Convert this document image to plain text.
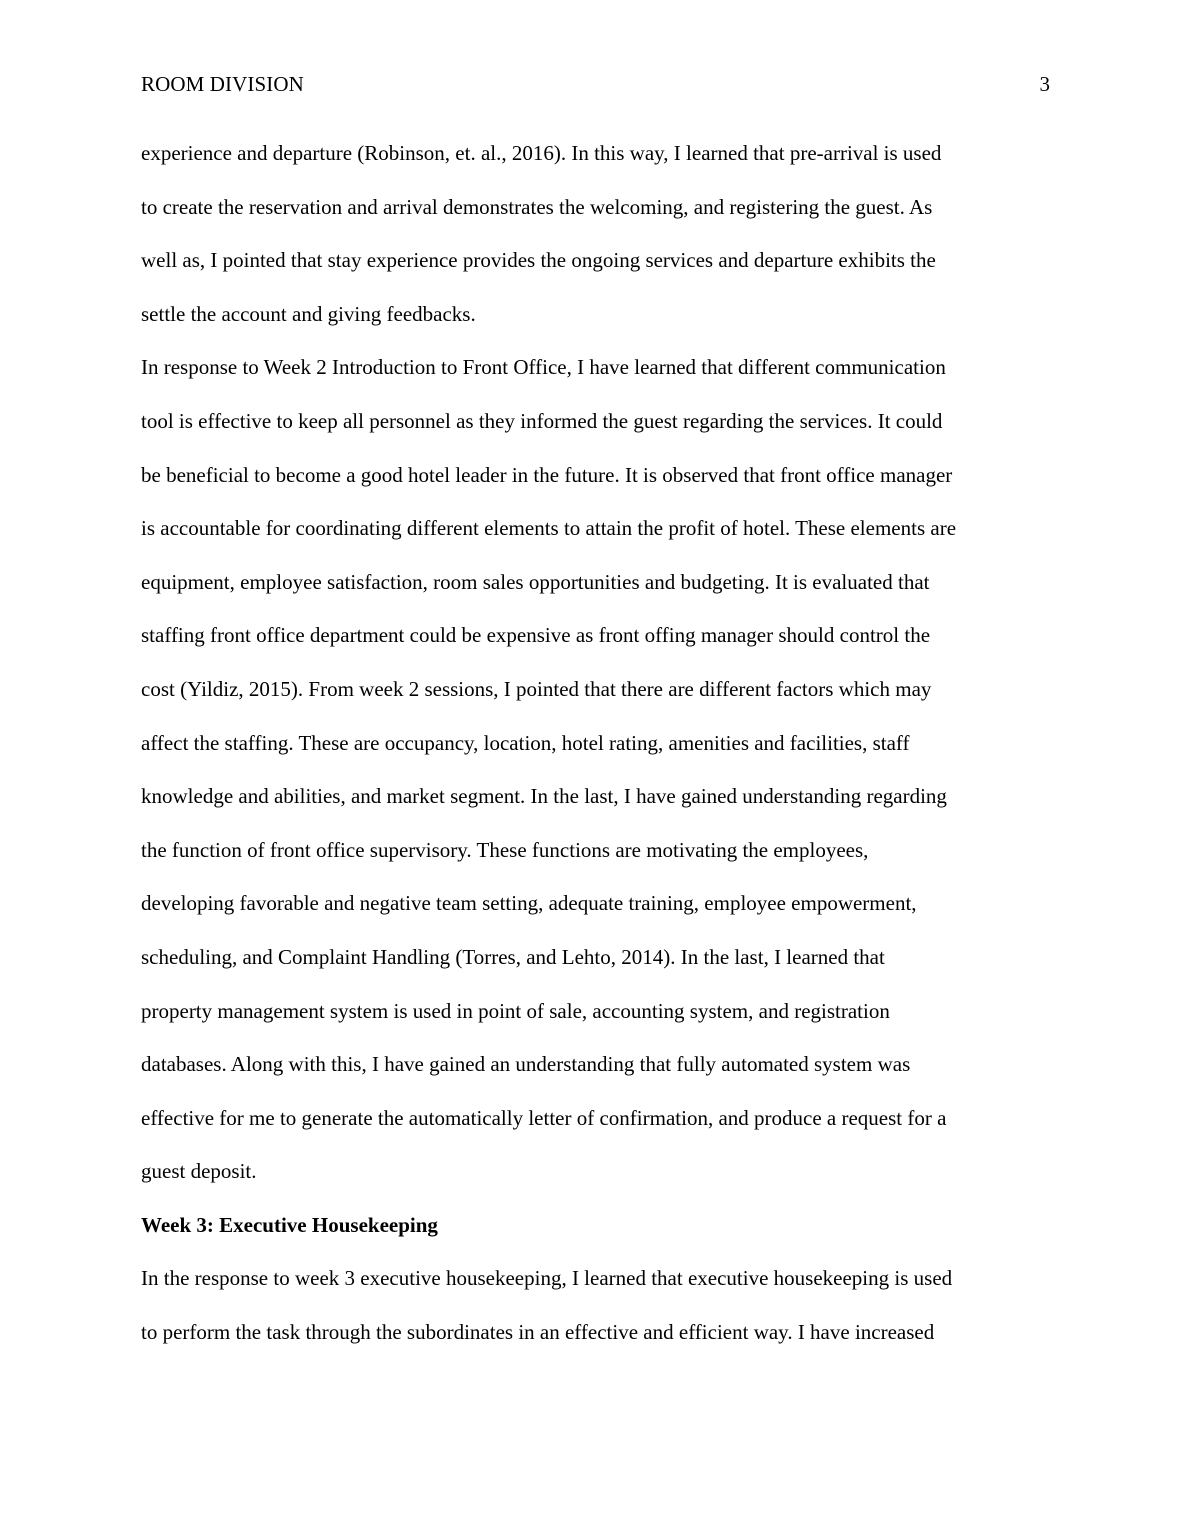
ROOM DIVISION	3
experience and departure (Robinson, et. al., 2016). In this way, I learned that pre-arrival is used
to create the reservation and arrival demonstrates the welcoming, and registering the guest. As
well as, I pointed that stay experience provides the ongoing services and departure exhibits the
settle the account and giving feedbacks.
In response to Week 2 Introduction to Front Office, I have learned that different communication
tool is effective to keep all personnel as they informed the guest regarding the services. It could
be beneficial to become a good hotel leader in the future. It is observed that front office manager
is accountable for coordinating different elements to attain the profit of hotel. These elements are
equipment, employee satisfaction, room sales opportunities and budgeting. It is evaluated that
staffing front office department could be expensive as front offing manager should control the
cost (Yildiz, 2015). From week 2 sessions, I pointed that there are different factors which may
affect the staffing. These are occupancy, location, hotel rating, amenities and facilities, staff
knowledge and abilities, and market segment. In the last, I have gained understanding regarding
the function of front office supervisory. These functions are motivating the employees,
developing favorable and negative team setting, adequate training, employee empowerment,
scheduling, and Complaint Handling (Torres, and Lehto, 2014). In the last, I learned that
property management system is used in point of sale, accounting system, and registration
databases. Along with this, I have gained an understanding that fully automated system was
effective for me to generate the automatically letter of confirmation, and produce a request for a
guest deposit.
Week 3: Executive Housekeeping
In the response to week 3 executive housekeeping, I learned that executive housekeeping is used
to perform the task through the subordinates in an effective and efficient way. I have increased
